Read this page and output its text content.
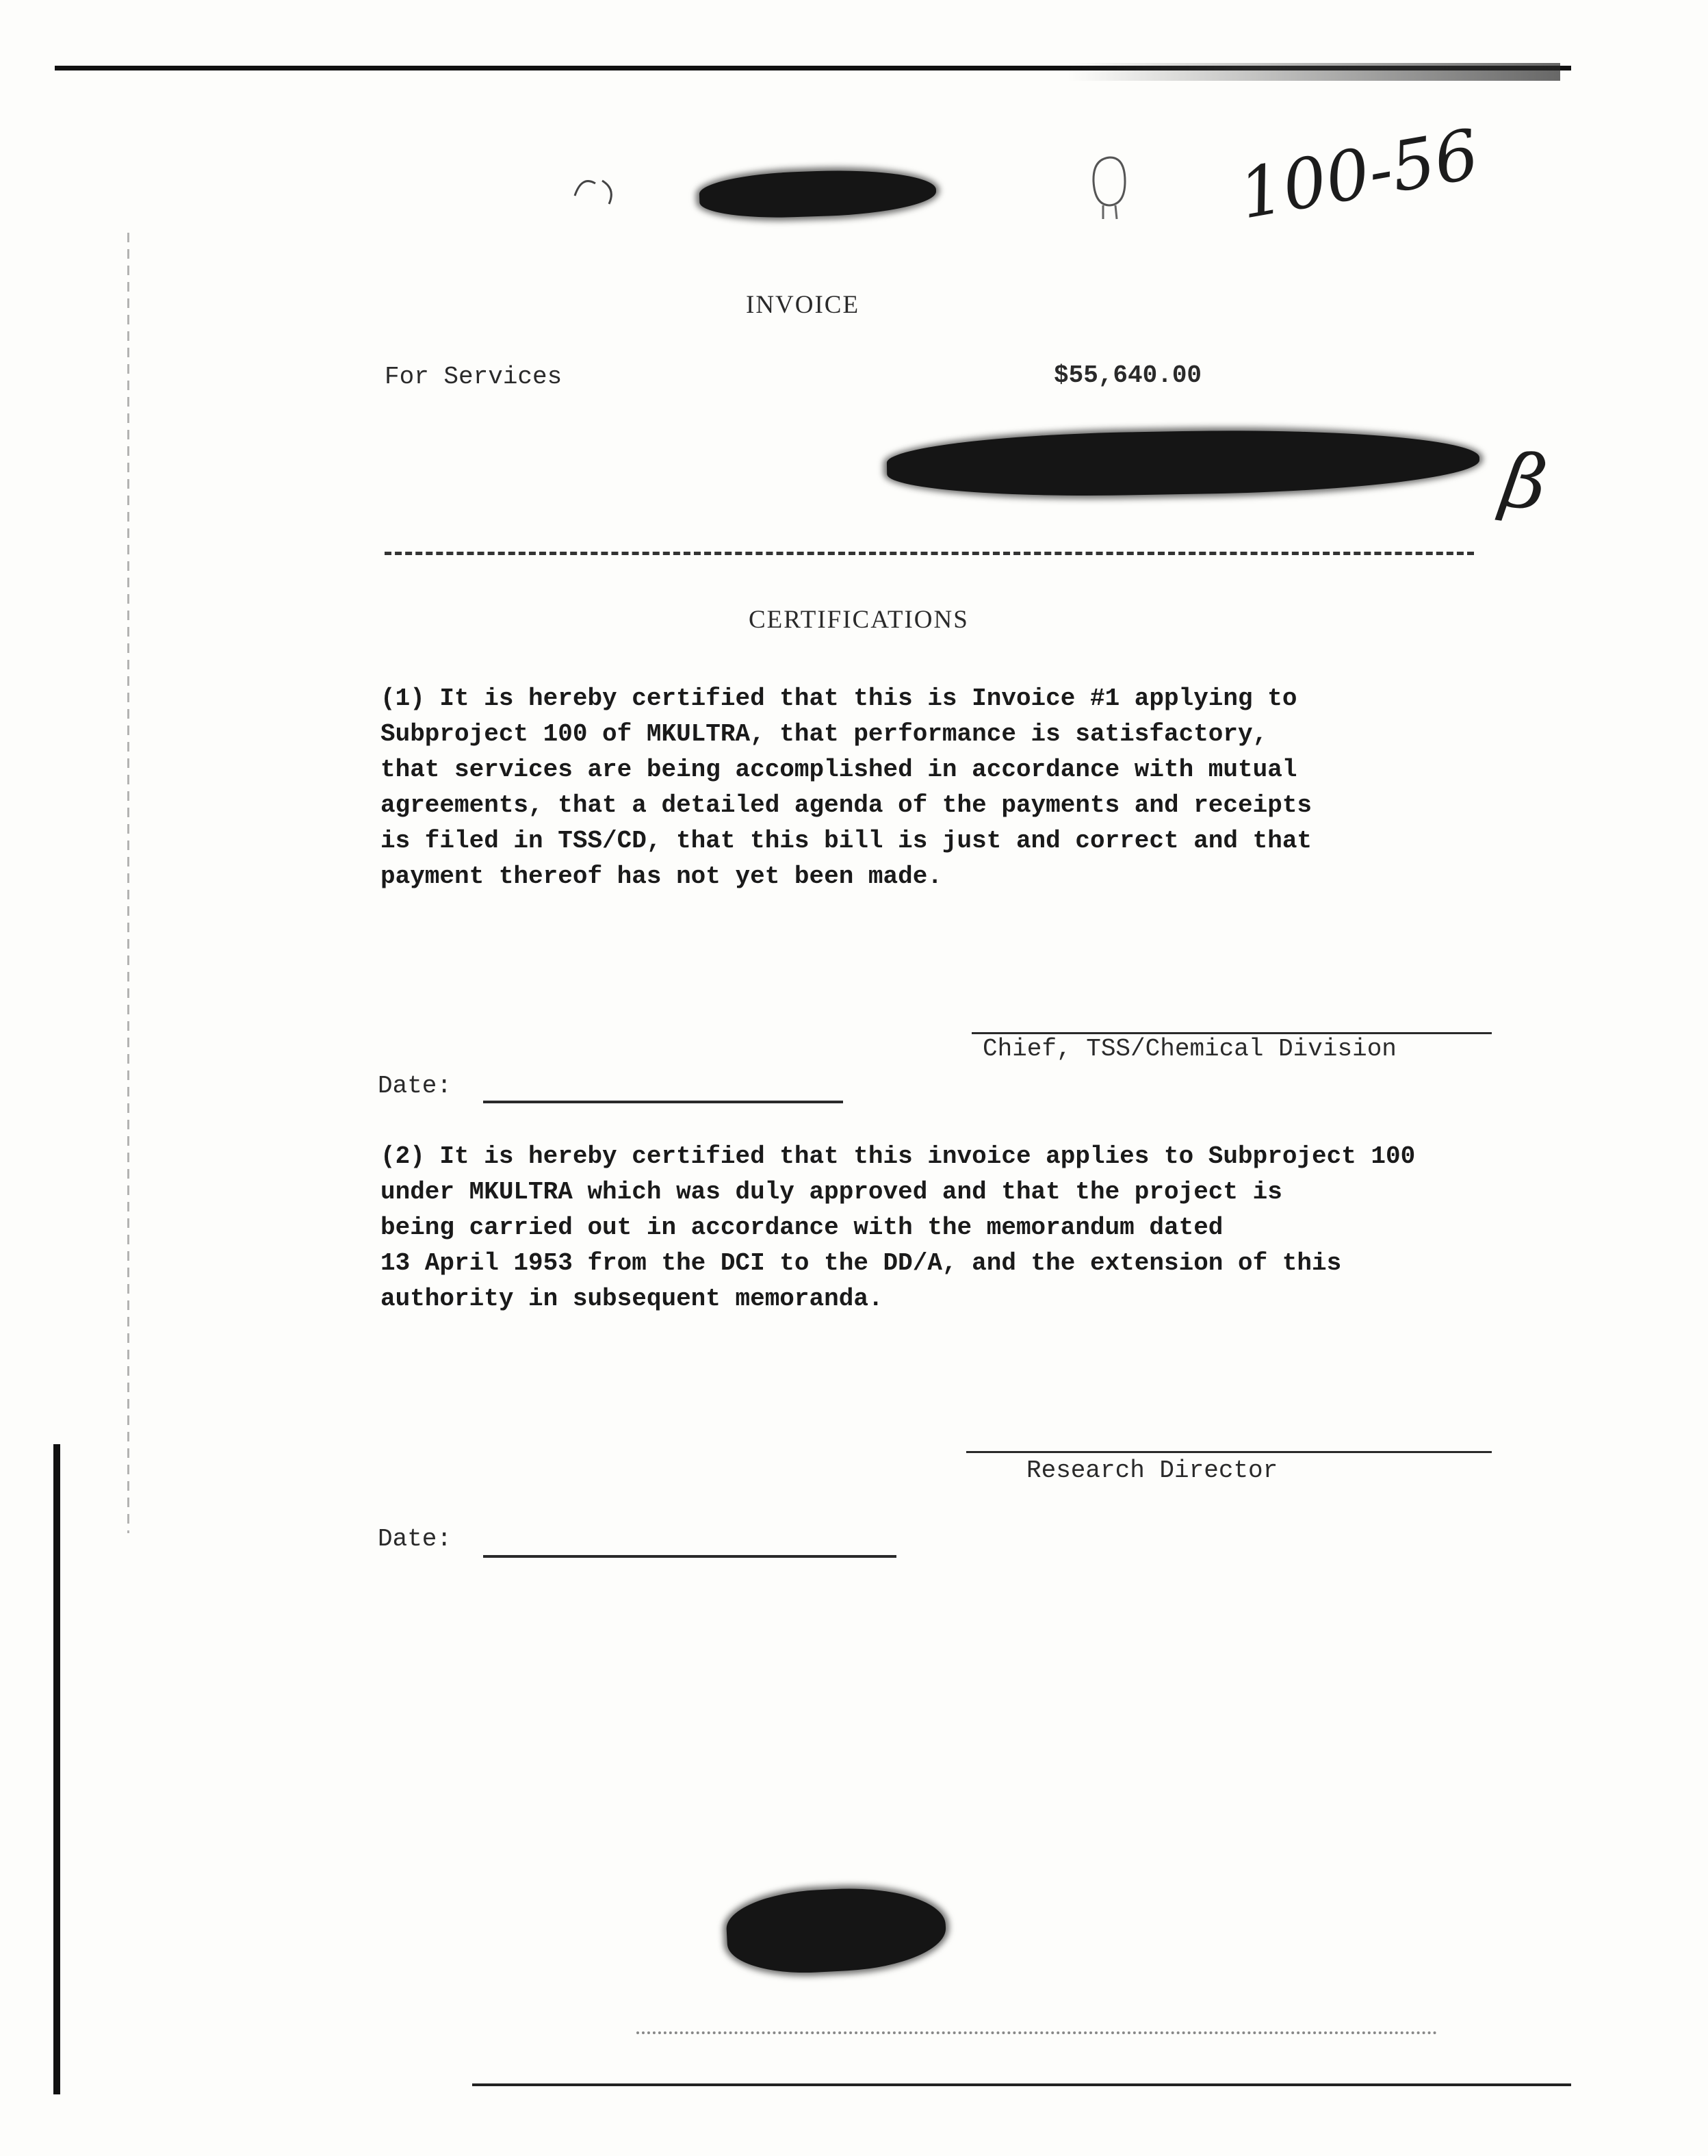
100-56
β
INVOICE
For Services	$55,640.00
CERTIFICATIONS
(1) It is hereby certified that this is Invoice #1 applying to
Subproject 100 of MKULTRA, that performance is satisfactory,
that services are being accomplished in accordance with mutual
agreements, that a detailed agenda of the payments and receipts
is filed in TSS/CD, that this bill is just and correct and that
payment thereof has not yet been made.
Chief, TSS/Chemical Division
Date:
(2) It is hereby certified that this invoice applies to Subproject 100
under MKULTRA which was duly approved and that the project is
being carried out in accordance with the memorandum dated
13 April 1953 from the DCI to the DD/A, and the extension of this
authority in subsequent memoranda.
Research Director
Date:
